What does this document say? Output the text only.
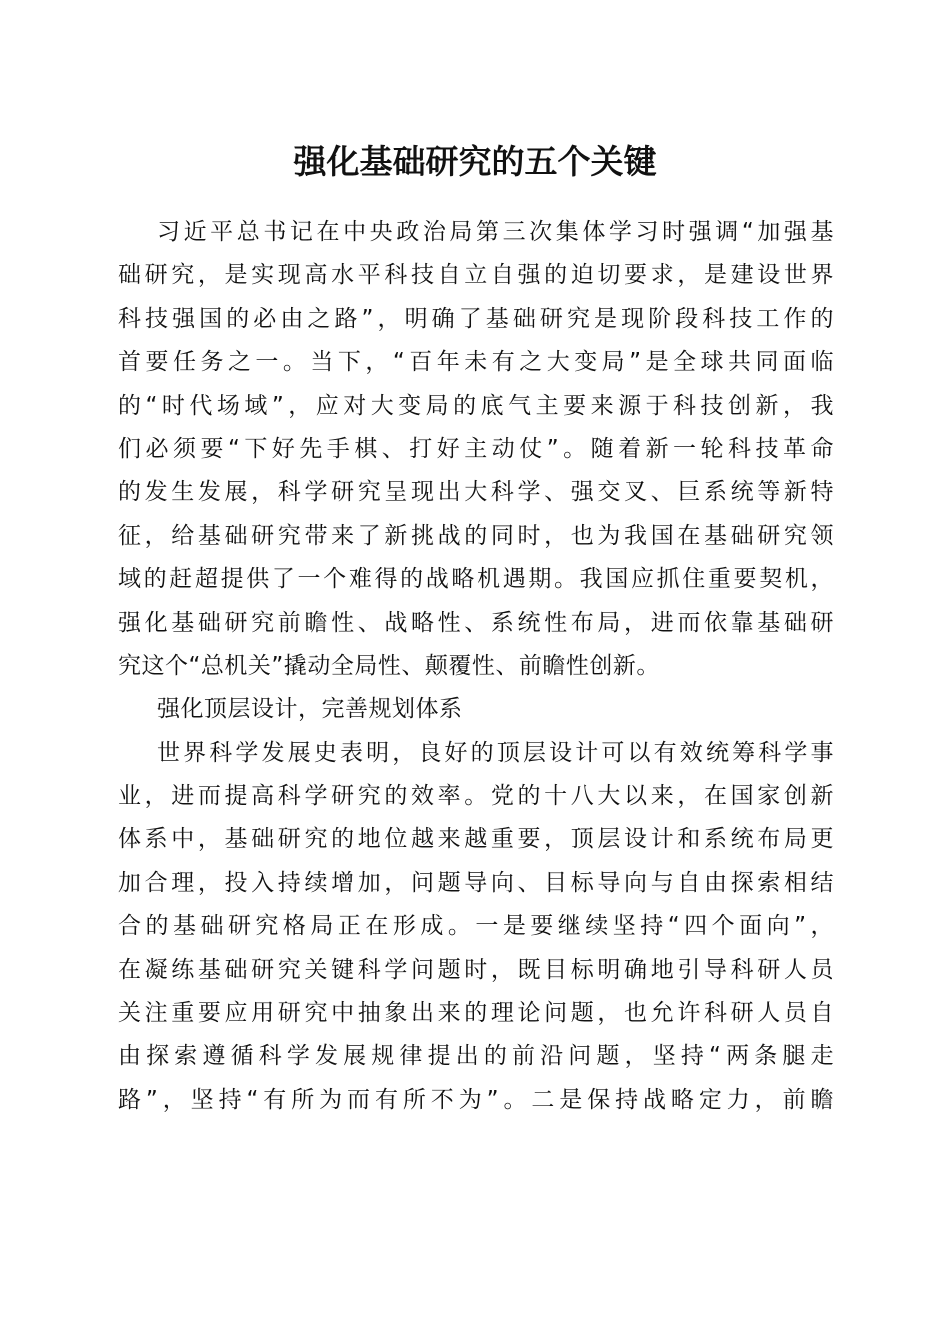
强化基础研究的五个关键
习近平总书记在中央政治局第三次集体学习时强调“加强基
础研究，是实现高水平科技自立自强的迫切要求，是建设世界
科技强国的必由之路”，明确了基础研究是现阶段科技工作的
首要任务之一。当下，“百年未有之大变局”是全球共同面临
的“时代场域”，应对大变局的底气主要来源于科技创新，我
们必须要“下好先手棋、打好主动仗”。随着新一轮科技革命
的发生发展，科学研究呈现出大科学、强交叉、巨系统等新特
征，给基础研究带来了新挑战的同时，也为我国在基础研究领
域的赶超提供了一个难得的战略机遇期。我国应抓住重要契机，
强化基础研究前瞻性、战略性、系统性布局，进而依靠基础研
究这个“总机关”撬动全局性、颠覆性、前瞻性创新。
强化顶层设计，完善规划体系
世界科学发展史表明，良好的顶层设计可以有效统筹科学事
业，进而提高科学研究的效率。党的十八大以来，在国家创新
体系中，基础研究的地位越来越重要，顶层设计和系统布局更
加合理，投入持续增加，问题导向、目标导向与自由探索相结
合的基础研究格局正在形成。一是要继续坚持“四个面向”，
在凝练基础研究关键科学问题时，既目标明确地引导科研人员
关注重要应用研究中抽象出来的理论问题，也允许科研人员自
由探索遵循科学发展规律提出的前沿问题，坚持“两条腿走
路”，坚持“有所为而有所不为”。二是保持战略定力，前瞻
